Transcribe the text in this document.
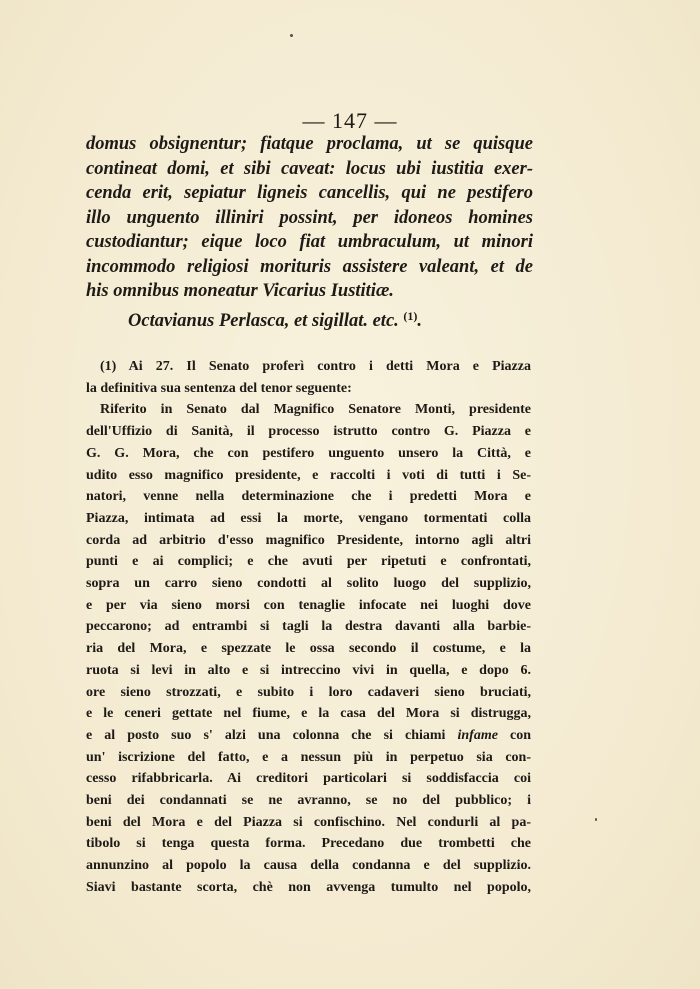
— 147 —
domus obsignentur; fiatque proclama, ut se quisque
contineat domi, et sibi caveat: locus ubi iustitia exer-
cenda erit, sepiatur ligneis cancellis, qui ne pestifero
illo unguento illiniri possint, per idoneos homines
custodiantur; eique loco fiat umbraculum, ut minori
incommodo religiosi morituris assistere valeant, et de
his omnibus moneatur Vicarius Iustitiæ.
Octavianus Perlasca, et sigillat. etc. $^{(1)}$.
(1) Ai 27. Il Senato proferì contro i detti Mora e Piazza
la definitiva sua sentenza del tenor seguente:
Riferito in Senato dal Magnifico Senatore Monti, presidente
dell'Uffizio di Sanità, il processo istrutto contro G. Piazza e
G. G. Mora, che con pestifero unguento unsero la Città, e
udito esso magnifico presidente, e raccolti i voti di tutti i Se-
natori, venne nella determinazione che i predetti Mora e
Piazza, intimata ad essi la morte, vengano tormentati colla
corda ad arbitrio d'esso magnifico Presidente, intorno agli altri
punti e ai complici; e che avuti per ripetuti e confrontati,
sopra un carro sieno condotti al solito luogo del supplizio,
e per via sieno morsi con tenaglie infocate nei luoghi dove
peccarono; ad entrambi si tagli la destra davanti alla barbie-
ria del Mora, e spezzate le ossa secondo il costume, e la
ruota si levi in alto e si intreccino vivi in quella, e dopo 6.
ore sieno strozzati, e subito i loro cadaveri sieno bruciati,
e le ceneri gettate nel fiume, e la casa del Mora si distrugga,
e al posto suo s' alzi una colonna che si chiami infame con
un' iscrizione del fatto, e a nessun più in perpetuo sia con-
cesso rifabbricarla. Ai creditori particolari si soddisfaccia coi
beni dei condannati se ne avranno, se no del pubblico; i
beni del Mora e del Piazza si confischino. Nel condurli al pa-
tibolo si tenga questa forma. Precedano due trombetti che
annunzino al popolo la causa della condanna e del supplizio.
Siavi bastante scorta, chè non avvenga tumulto nel popolo,
